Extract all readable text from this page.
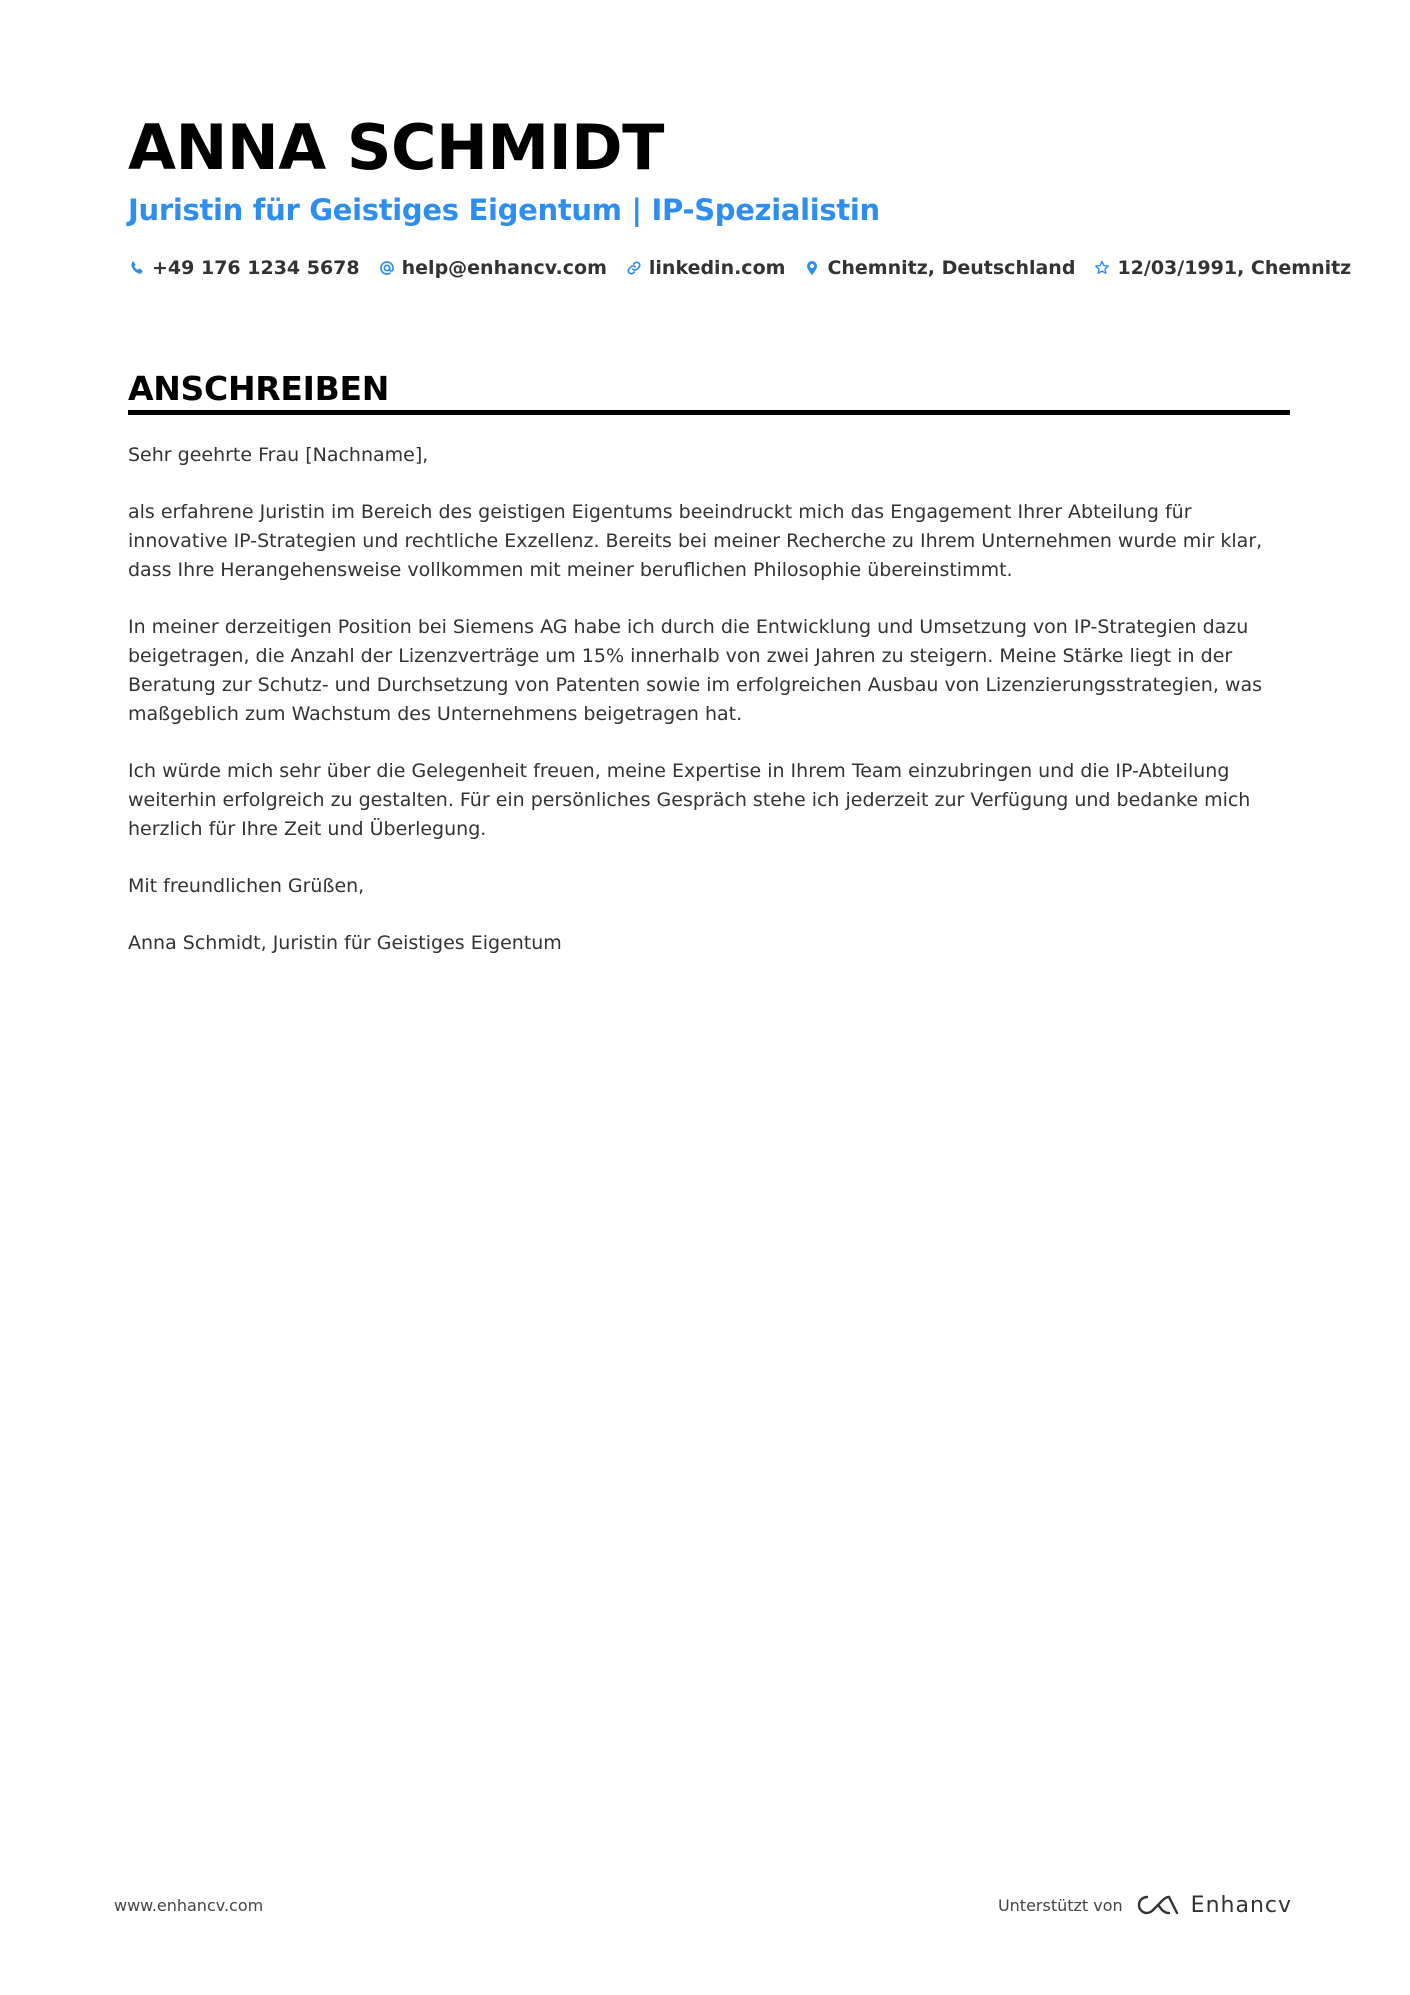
ANNA SCHMIDT
Juristin für Geistiges Eigentum | IP-Spezialistin
+49 176 1234 5678 help@enhancv.com linkedin.com Chemnitz, Deutschland 12/03/1991, Chemnitz
ANSCHREIBEN

Sehr geehrte Frau [Nachname],

als erfahrene Juristin im Bereich des geistigen Eigentums beeindruckt mich das Engagement Ihrer Abteilung für innovative IP-Strategien und rechtliche Exzellenz. Bereits bei meiner Recherche zu Ihrem Unternehmen wurde mir klar, dass Ihre Herangehensweise vollkommen mit meiner beruflichen Philosophie übereinstimmt.

In meiner derzeitigen Position bei Siemens AG habe ich durch die Entwicklung und Umsetzung von IP-Strategien dazu beigetragen, die Anzahl der Lizenzverträge um 15% innerhalb von zwei Jahren zu steigern. Meine Stärke liegt in der Beratung zur Schutz- und Durchsetzung von Patenten sowie im erfolgreichen Ausbau von Lizenzierungsstrategien, was maßgeblich zum Wachstum des Unternehmens beigetragen hat.

Ich würde mich sehr über die Gelegenheit freuen, meine Expertise in Ihrem Team einzubringen und die IP-Abteilung weiterhin erfolgreich zu gestalten. Für ein persönliches Gespräch stehe ich jederzeit zur Verfügung und bedanke mich herzlich für Ihre Zeit und Überlegung.

Mit freundlichen Grüßen,

Anna Schmidt, Juristin für Geistiges Eigentum

www.enhancv.com	Unterstützt von	Enhancv
